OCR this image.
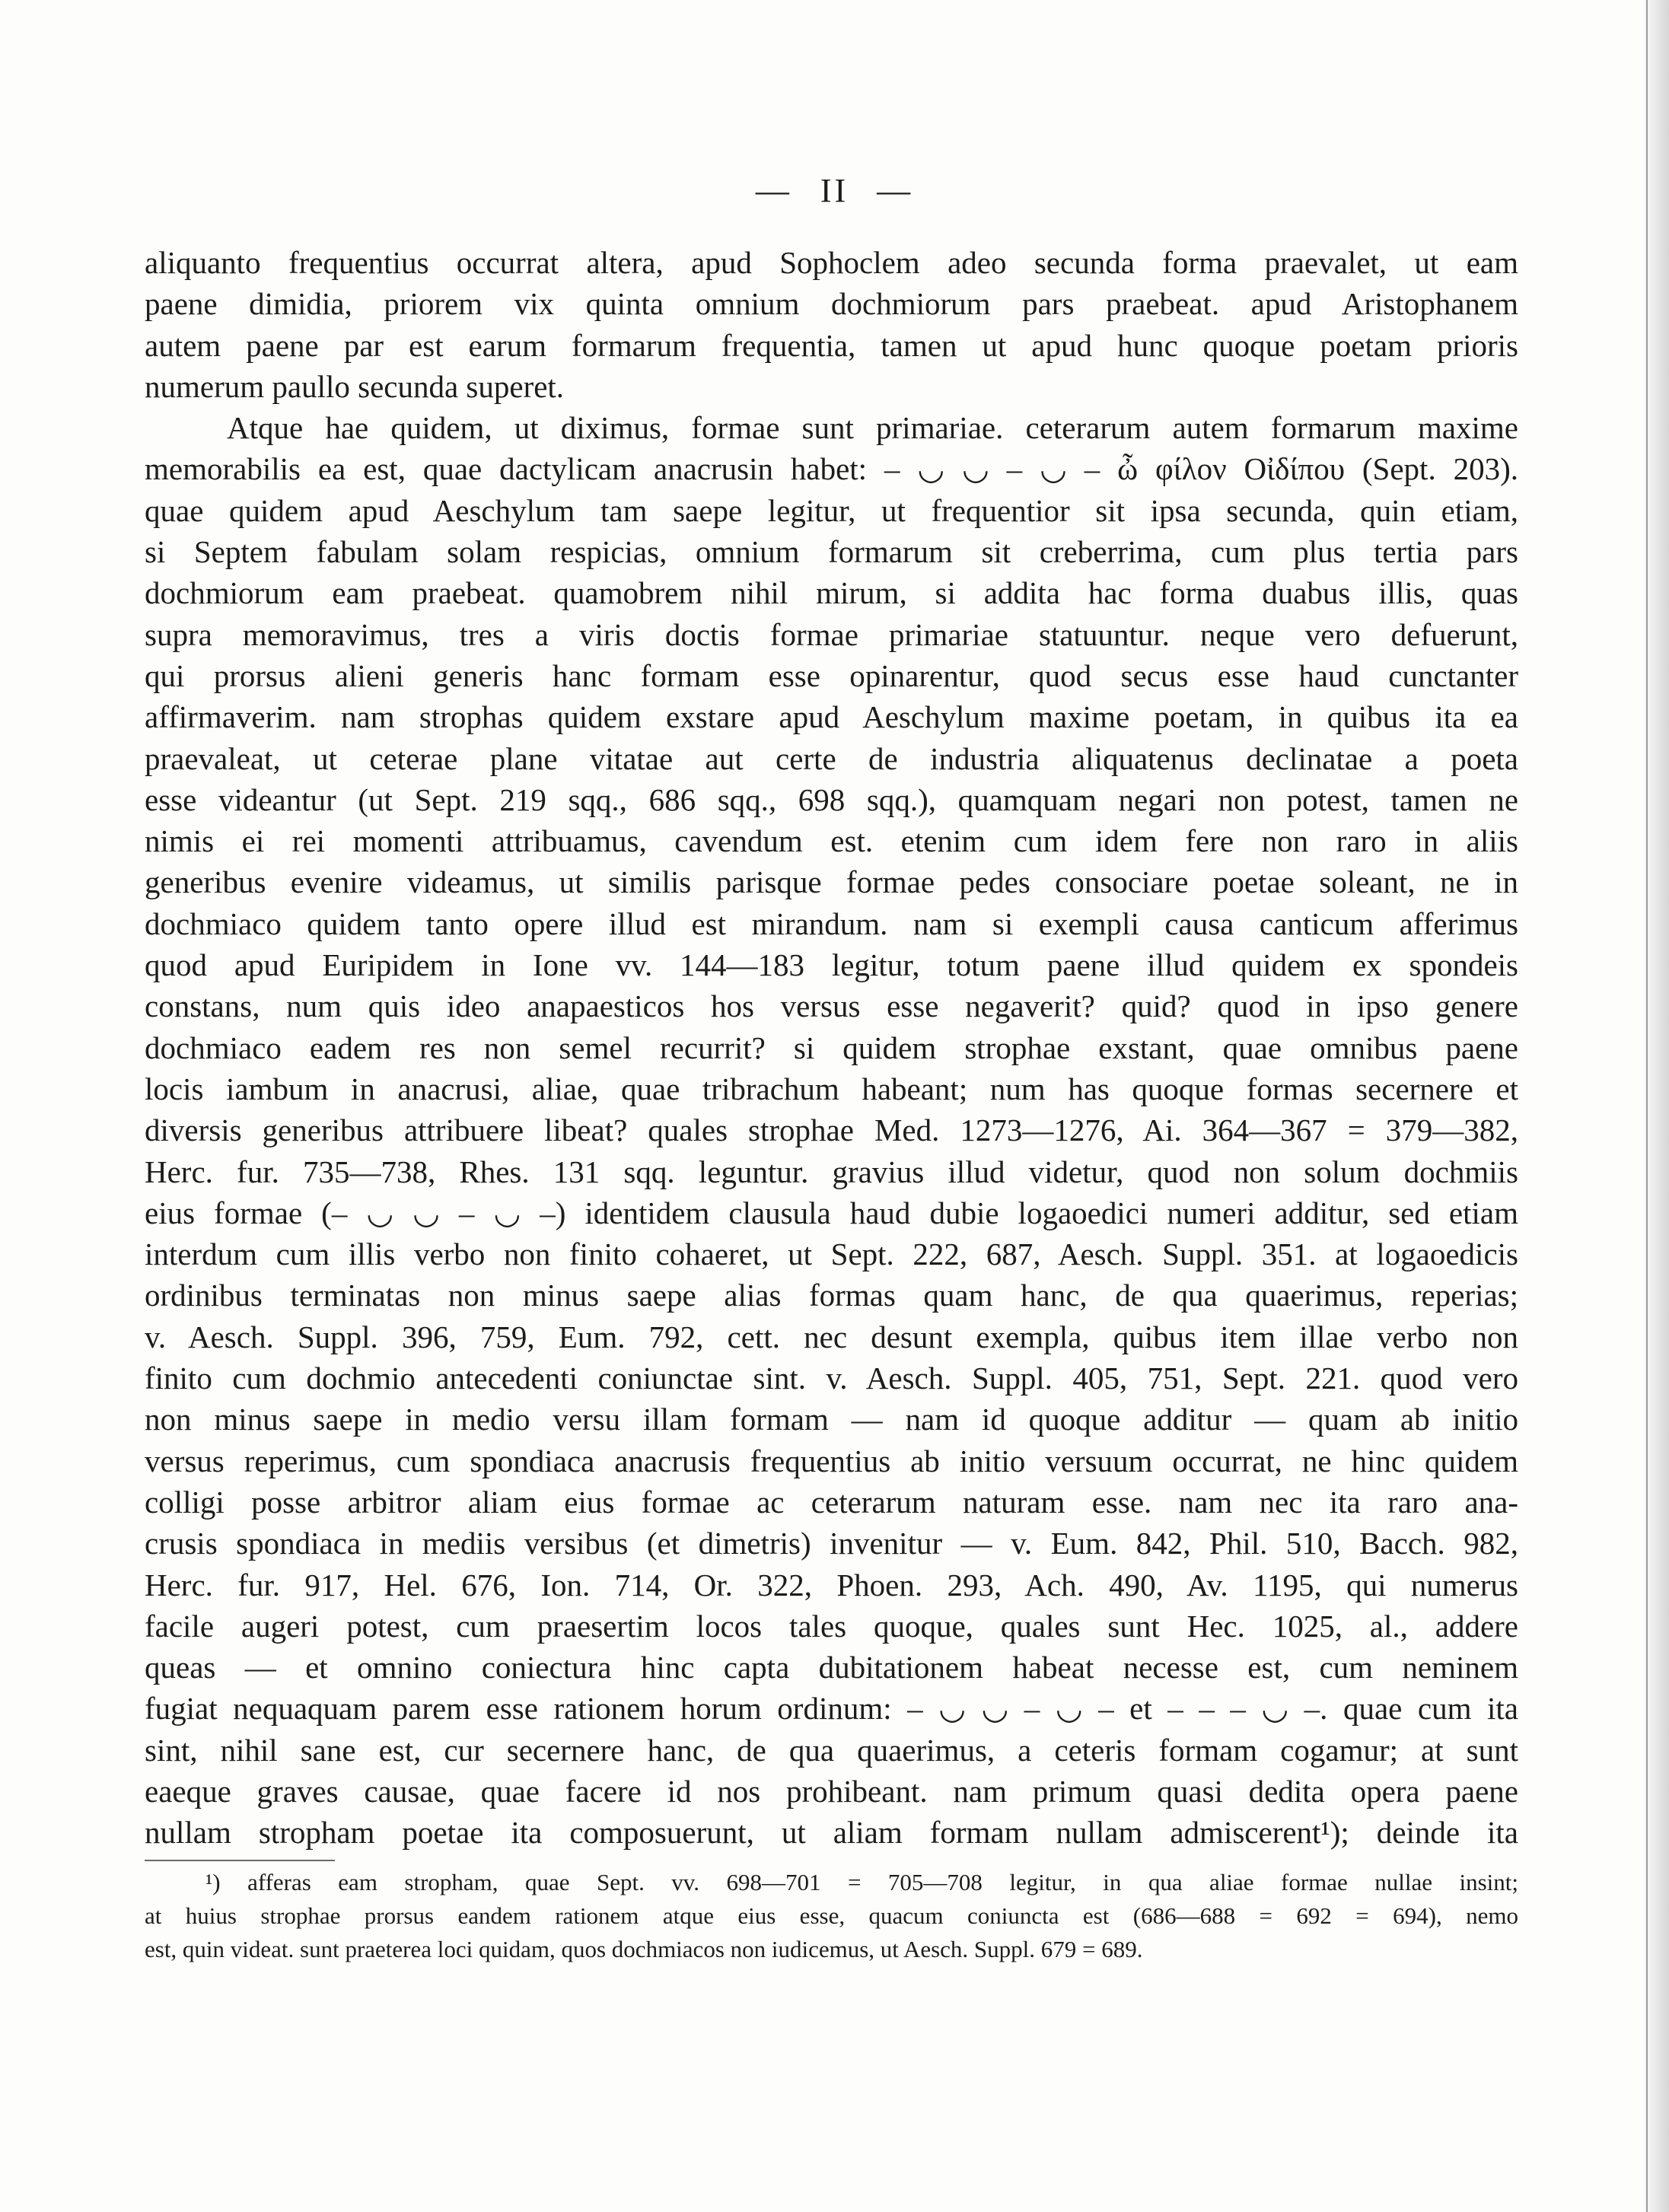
— II —
aliquanto frequentius occurrat altera, apud Sophoclem adeo secunda forma praevalet, ut eam
paene dimidia, priorem vix quinta omnium dochmiorum pars praebeat. apud Aristophanem
autem paene par est earum formarum frequentia, tamen ut apud hunc quoque poetam prioris
numerum paullo secunda superet.
Atque hae quidem, ut diximus, formae sunt primariae. ceterarum autem formarum maxime
memorabilis ea est, quae dactylicam anacrusin habet: – ◡ ◡ – ◡ – ὦ φίλον Οἰδίπου (Sept. 203).
quae quidem apud Aeschylum tam saepe legitur, ut frequentior sit ipsa secunda, quin etiam,
si Septem fabulam solam respicias, omnium formarum sit creberrima, cum plus tertia pars
dochmiorum eam praebeat. quamobrem nihil mirum, si addita hac forma duabus illis, quas
supra memoravimus, tres a viris doctis formae primariae statuuntur. neque vero defuerunt,
qui prorsus alieni generis hanc formam esse opinarentur, quod secus esse haud cunctanter
affirmaverim. nam strophas quidem exstare apud Aeschylum maxime poetam, in quibus ita ea
praevaleat, ut ceterae plane vitatae aut certe de industria aliquatenus declinatae a poeta
esse videantur (ut Sept. 219 sqq., 686 sqq., 698 sqq.), quamquam negari non potest, tamen ne
nimis ei rei momenti attribuamus, cavendum est. etenim cum idem fere non raro in aliis
generibus evenire videamus, ut similis parisque formae pedes consociare poetae soleant, ne in
dochmiaco quidem tanto opere illud est mirandum. nam si exempli causa canticum afferimus
quod apud Euripidem in Ione vv. 144—183 legitur, totum paene illud quidem ex spondeis
constans, num quis ideo anapaesticos hos versus esse negaverit? quid? quod in ipso genere
dochmiaco eadem res non semel recurrit? si quidem strophae exstant, quae omnibus paene
locis iambum in anacrusi, aliae, quae tribrachum habeant; num has quoque formas secernere et
diversis generibus attribuere libeat? quales strophae Med. 1273—1276, Ai. 364—367 = 379—382,
Herc. fur. 735—738, Rhes. 131 sqq. leguntur. gravius illud videtur, quod non solum dochmiis
eius formae (– ◡ ◡ – ◡ –) identidem clausula haud dubie logaoedici numeri additur, sed etiam
interdum cum illis verbo non finito cohaeret, ut Sept. 222, 687, Aesch. Suppl. 351. at logaoedicis
ordinibus terminatas non minus saepe alias formas quam hanc, de qua quaerimus, reperias;
v. Aesch. Suppl. 396, 759, Eum. 792, cett. nec desunt exempla, quibus item illae verbo non
finito cum dochmio antecedenti coniunctae sint. v. Aesch. Suppl. 405, 751, Sept. 221. quod vero
non minus saepe in medio versu illam formam — nam id quoque additur — quam ab initio
versus reperimus, cum spondiaca anacrusis frequentius ab initio versuum occurrat, ne hinc quidem
colligi posse arbitror aliam eius formae ac ceterarum naturam esse. nam nec ita raro ana-
crusis spondiaca in mediis versibus (et dimetris) invenitur — v. Eum. 842, Phil. 510, Bacch. 982,
Herc. fur. 917, Hel. 676, Ion. 714, Or. 322, Phoen. 293, Ach. 490, Av. 1195, qui numerus
facile augeri potest, cum praesertim locos tales quoque, quales sunt Hec. 1025, al., addere
queas — et omnino coniectura hinc capta dubitationem habeat necesse est, cum neminem
fugiat nequaquam parem esse rationem horum ordinum: – ◡ ◡ – ◡ – et – – – ◡ –. quae cum ita
sint, nihil sane est, cur secernere hanc, de qua quaerimus, a ceteris formam cogamur; at sunt
eaeque graves causae, quae facere id nos prohibeant. nam primum quasi dedita opera paene
nullam stropham poetae ita composuerunt, ut aliam formam nullam admiscerent¹); deinde ita
¹) afferas eam stropham, quae Sept. vv. 698—701 = 705—708 legitur, in qua aliae formae nullae insint;
at huius strophae prorsus eandem rationem atque eius esse, quacum coniuncta est (686—688 = 692 = 694), nemo
est, quin videat. sunt praeterea loci quidam, quos dochmiacos non iudicemus, ut Aesch. Suppl. 679 = 689.
